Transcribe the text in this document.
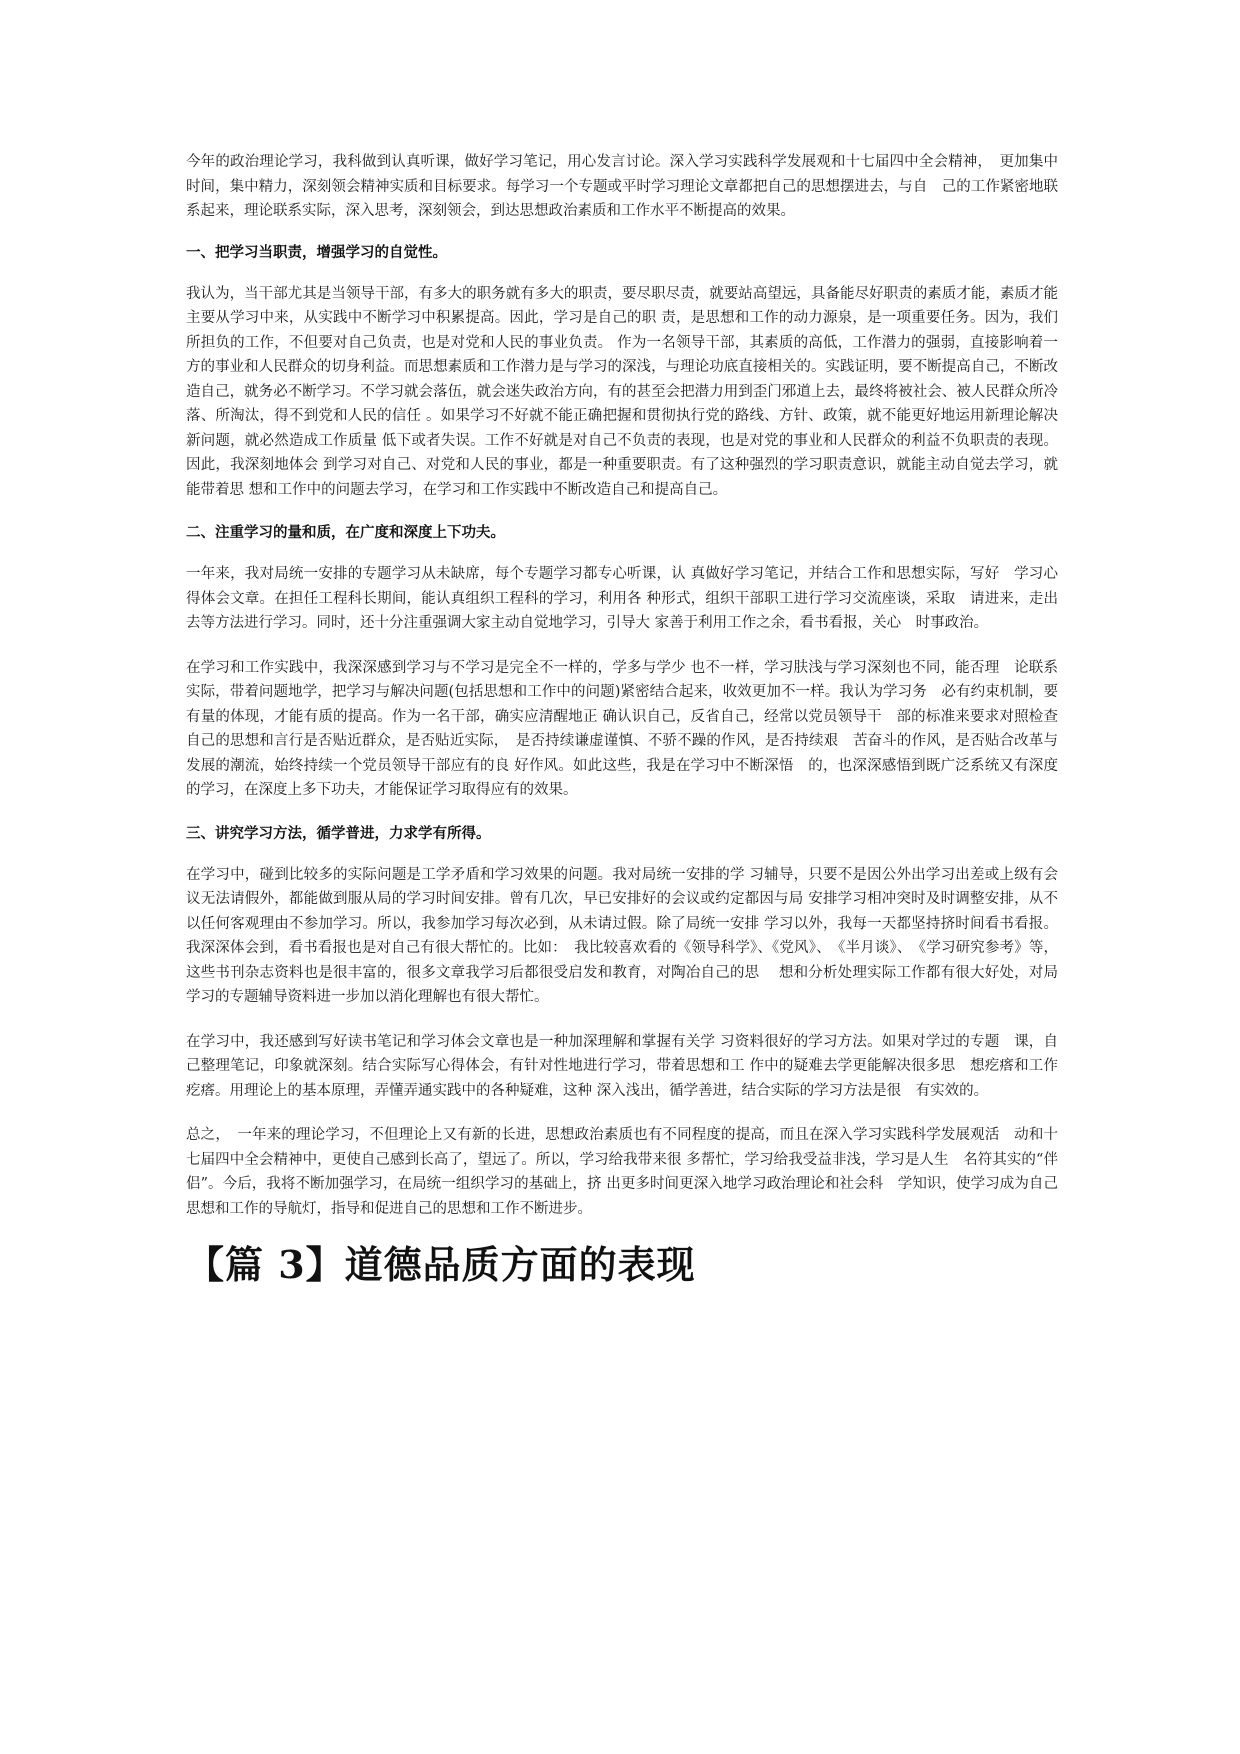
今年的政治理论学习，我科做到认真听课，做好学习笔记，用心发言讨论。深入学习实践科学发展观和十七届四中全会精神，　更加集中时间，集中精力，深刻领会精神实质和目标要求。每学习一个专题或平时学习理论文章都把自己的思想摆进去，与自　己的工作紧密地联系起来，理论联系实际，深入思考，深刻领会，到达思想政治素质和工作水平不断提高的效果。

一、把学习当职责，增强学习的自觉性。

我认为，当干部尤其是当领导干部，有多大的职务就有多大的职责，要尽职尽责，就要站高望远，具备能尽好职责的素质才能，素质才能主要从学习中来，从实践中不断学习中积累提高。因此，学习是自己的职 责，是思想和工作的动力源泉，是一项重要任务。因为，我们所担负的工作，不但要对自己负责，也是对党和人民的事业负责。 作为一名领导干部，其素质的高低，工作潜力的强弱，直接影响着一方的事业和人民群众的切身利益。而思想素质和工作潜力是与学习的深浅，与理论功底直接相关的。实践证明，要不断提高自己，不断改造自己，就务必不断学习。不学习就会落伍，就会迷失政治方向，有的甚至会把潜力用到歪门邪道上去，最终将被社会、被人民群众所冷落、所淘汰，得不到党和人民的信任 。如果学习不好就不能正确把握和贯彻执行党的路线、方针、政策，就不能更好地运用新理论解决新问题，就必然造成工作质量 低下或者失误。工作不好就是对自己不负责的表现，也是对党的事业和人民群众的利益不负职责的表现。因此，我深刻地体会 到学习对自己、对党和人民的事业，都是一种重要职责。有了这种强烈的学习职责意识，就能主动自觉去学习，就能带着思 想和工作中的问题去学习，在学习和工作实践中不断改造自己和提高自己。

二、注重学习的量和质，在广度和深度上下功夫。

一年来，我对局统一安排的专题学习从未缺席，每个专题学习都专心听课，认 真做好学习笔记，并结合工作和思想实际，写好　学习心得体会文章。在担任工程科长期间，能认真组织工程科的学习，利用各 种形式，组织干部职工进行学习交流座谈，采取　请进来，走出去等方法进行学习。同时，还十分注重强调大家主动自觉地学习，引导大 家善于利用工作之余，看书看报，关心　时事政治。

在学习和工作实践中，我深深感到学习与不学习是完全不一样的，学多与学少 也不一样，学习肤浅与学习深刻也不同，能否理　论联系实际，带着问题地学，把学习与解决问题(包括思想和工作中的问题)紧密结合起来，收效更加不一样。我认为学习务　必有约束机制，要有量的体现，才能有质的提高。作为一名干部，确实应清醒地正 确认识自己，反省自己，经常以党员领导干　部的标准来要求对照检查自己的思想和言行是否贴近群众，是否贴近实际，　是否持续谦虚谨慎、不骄不躁的作风，是否持续艰　苦奋斗的作风，是否贴合改革与发展的潮流，始终持续一个党员领导干部应有的良 好作风。如此这些，我是在学习中不断深悟　的，也深深感悟到既广泛系统又有深度的学习，在深度上多下功夫，才能保证学习取得应有的效果。

三、讲究学习方法，循学普进，力求学有所得。

在学习中，碰到比较多的实际问题是工学矛盾和学习效果的问题。我对局统一安排的学 习辅导，只要不是因公外出学习出差或上级有会议无法请假外，都能做到服从局的学习时间安排。曾有几次，早已安排好的会议或约定都因与局 安排学习相冲突时及时调整安排，从不以任何客观理由不参加学习。所以，我参加学习每次必到，从未请过假。除了局统一安排 学习以外，我每一天都坚持挤时间看书看报。我深深体会到，看书看报也是对自己有很大帮忙的。比如：　我比较喜欢看的《领导科学》、《党风》、　《半月谈》、　《学习研究参考》等，这些书刊杂志资料也是很丰富的，很多文章我学习后都很受启发和教育，对陶冶自己的思　 想和分析处理实际工作都有很大好处，对局学习的专题辅导资料进一步加以消化理解也有很大帮忙。

在学习中，我还感到写好读书笔记和学习体会文章也是一种加深理解和掌握有关学 习资料很好的学习方法。如果对学过的专题　课，自己整理笔记，印象就深刻。结合实际写心得体会，有针对性地进行学习，带着思想和工 作中的疑难去学更能解决很多思　想疙瘩和工作疙瘩。用理论上的基本原理，弄懂弄通实践中的各种疑难，这种 深入浅出，循学善进，结合实际的学习方法是很　有实效的。

总之，　一年来的理论学习，不但理论上又有新的长进，思想政治素质也有不同程度的提高，而且在深入学习实践科学发展观活　动和十七届四中全会精神中，更使自己感到长高了，望远了。所以，学习给我带来很 多帮忙，学习给我受益非浅，学习是人生　名符其实的“伴侣”。今后，我将不断加强学习，在局统一组织学习的基础上，挤 出更多时间更深入地学习政治理论和社会科　学知识，使学习成为自己思想和工作的导航灯，指导和促进自己的思想和工作不断进步。

【篇 3】道德品质方面的表现
